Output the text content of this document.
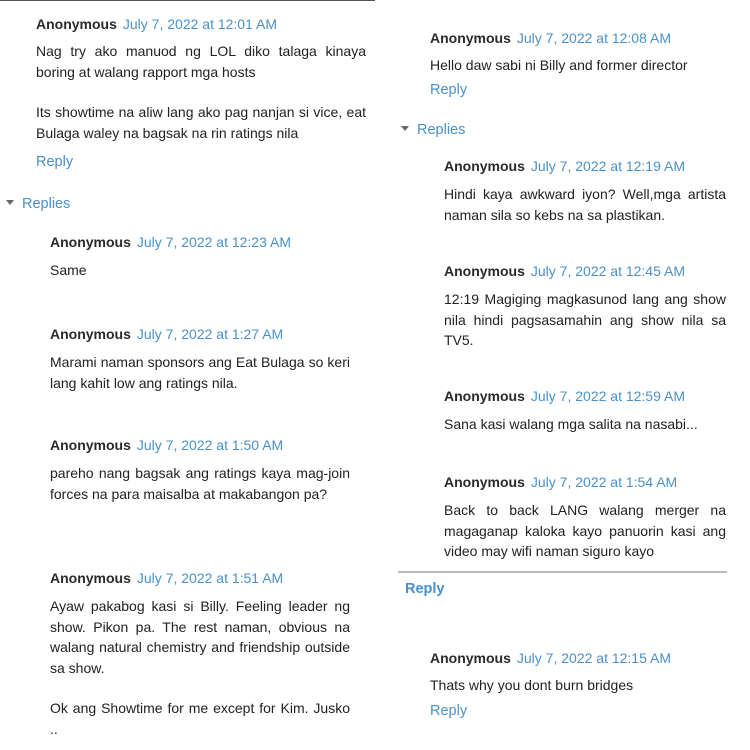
Anonymous July 7, 2022 at 12:01 AM

Nag try ako manuod ng LOL diko talaga kinaya boring at walang rapport mga hosts

Its showtime na aliw lang ako pag nanjan si vice, eat Bulaga waley na bagsak na rin ratings nila

Reply
Replies
Anonymous July 7, 2022 at 12:23 AM

Same

Anonymous July 7, 2022 at 1:27 AM

Marami naman sponsors ang Eat Bulaga so keri lang kahit low ang ratings nila.

Anonymous July 7, 2022 at 1:50 AM

pareho nang bagsak ang ratings kaya mag-join forces na para maisalba at makabangon pa?

Anonymous July 7, 2022 at 1:51 AM

Ayaw pakabog kasi si Billy. Feeling leader ng show. Pikon pa. The rest naman, obvious na walang natural chemistry and friendship outside sa show.

Ok ang Showtime for me except for Kim. Jusko ..

Anonymous July 7, 2022 at 12:08 AM

Hello daw sabi ni Billy and former director

Reply
Replies
Anonymous July 7, 2022 at 12:19 AM

Hindi kaya awkward iyon? Well,mga artista naman sila so kebs na sa plastikan.

Anonymous July 7, 2022 at 12:45 AM

12:19 Magiging magkasunod lang ang show nila hindi pagsasamahin ang show nila sa TV5.

Anonymous July 7, 2022 at 12:59 AM

Sana kasi walang mga salita na nasabi...

Anonymous July 7, 2022 at 1:54 AM

Back to back LANG walang merger na magaganap kaloka kayo panuorin kasi ang video may wifi naman siguro kayo

Reply
Anonymous July 7, 2022 at 12:15 AM

Thats why you dont burn bridges

Reply
